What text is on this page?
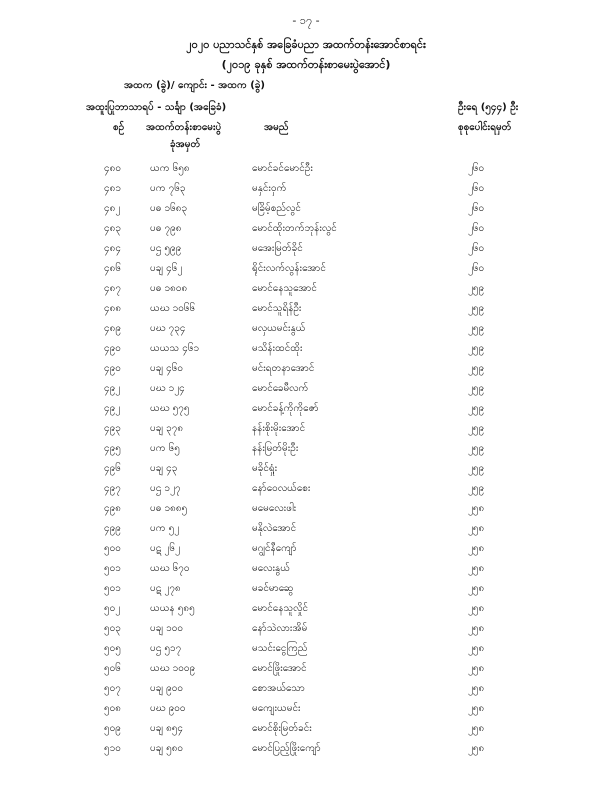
- ၁၇ -
၂၀၂၀ ပညာသင်နှစ် အခြေခံပညာ အထက်တန်းအောင်စာရင်း
(၂၀၁၉ ခုနှစ် အထက်တန်းစာမေးပွဲအောင်)
အထက (ခွဲ)/ ကျောင်း - အထက (ခွဲ)
အထူးပြုဘာသာရပ် - သင်္ချာ (အခြေခံ)	ဦးရေ (၅၄၄) ဦး
စဉ် အထက်တန်းစာမေးပွဲ
ခုံအမှတ်
အမည်	စုစုပေါင်းရမှတ်
၄၈၀	ယက ၆၅၈	မောင်ခင်မောင်ဦး	၂၆၀
၄၈၁	ပက ၇၆၃	မနှင်းဝှက်	၂၆၀
၄၈၂	ပဓ ၁၆၈၃	မခြိမ့်စည်လွင်	၂၆၀
၄၈၃	ပဓ ၇၉၈	မောင်ထိုးတက်ဘုန်းလွင်	၂၆၀
၄၈၄	ပဌ ၅၉၉	မအေးမြတ်ခိုင်	၂၆၀
၄၈၆	ပချ ၄၆၂	ရိုင်းလက်လွန်းအောင်	၂၆၀
၄၈၇	ပဓ ၁၈၀၈	မောင်နေသူအောင်	၂၅၉
၄၈၈	ယဃ ၁၀၆၆	မောင်သူရိန်ဦး	၂၅၉
၄၈၉	ပဃ ၇၃၄	မလှယမင်းနွယ်	၂၅၉
၄၉၀	ယယသ ၄၆၁	မသိန်းထင်ထိုး	၂၅၉
၄၉၀	ပချ ၄၆၀	မင်းရတနာအောင်	၂၅၉
၄၉၂	ပဃ ၁၂၄	မောင်ခေမီလက်	၂၅၉
၄၉၂	ယဃ ၅၇၅	မောင်ခန့်ကိုကိုဇော်	၂၅၉
၄၉၃	ပချ ၃၇၈	နန်းစိုးမိုးအောင်	၂၅၉
၄၉၅	ပက ၆၅	နန်းမြတ်မိုးဦး	၂၅၉
၄၉၆	ပချ ၄၃	မခိုင်ရှုံး	၂၅၉
၄၉၇	ပဌ ၁၂၇	နော်ဝေလယ်စေး	၂၅၉
၄၉၈	ပဓ ၁၈၈၅	မမေလေးဖါး	၂၅၈
၄၉၉	ပက ၅၂	မနိုလဲအောင်	၂၅၈
၅၀၀	ပဋ ၂၆၂	မဂျွင်နီကျော်	၂၅၈
၅၀၁	ယဃ ၆၇၀	မလေးနွယ်	၂၅၈
၅၀၁	ပဋ ၂၇၈	မခင်မာဆွေ	၂၅၈
၅၀၂	ယယန ၅၈၅	မောင်နေသူလှိုင်	၂၅၈
၅၀၃	ပချ ၁၀၀	နော်သဲလားအိမ်	၂၅၈
၅၀၅	ပဌ ၅၁၇	မသင်းငွေကြည်	၂၅၈
၅၀၆	ယဃ ၁၀၀၉	မောင်ဖြိုးအောင်	၂၅၈
၅၀၇	ပချ ၉၀၀	စောအယ်သော	၂၅၈
၅၀၈	ပဃ ၉၀၀	မကျေးယမင်း	၂၅၈
၅၀၉	ပချ ၈၅၄	မောင်စိုးမြတ်ခင်း	၂၅၈
၅၁၀	ပချ ၅၈၀	မောင်ပြည့်ဖြိုးကျော်	၂၅၈
